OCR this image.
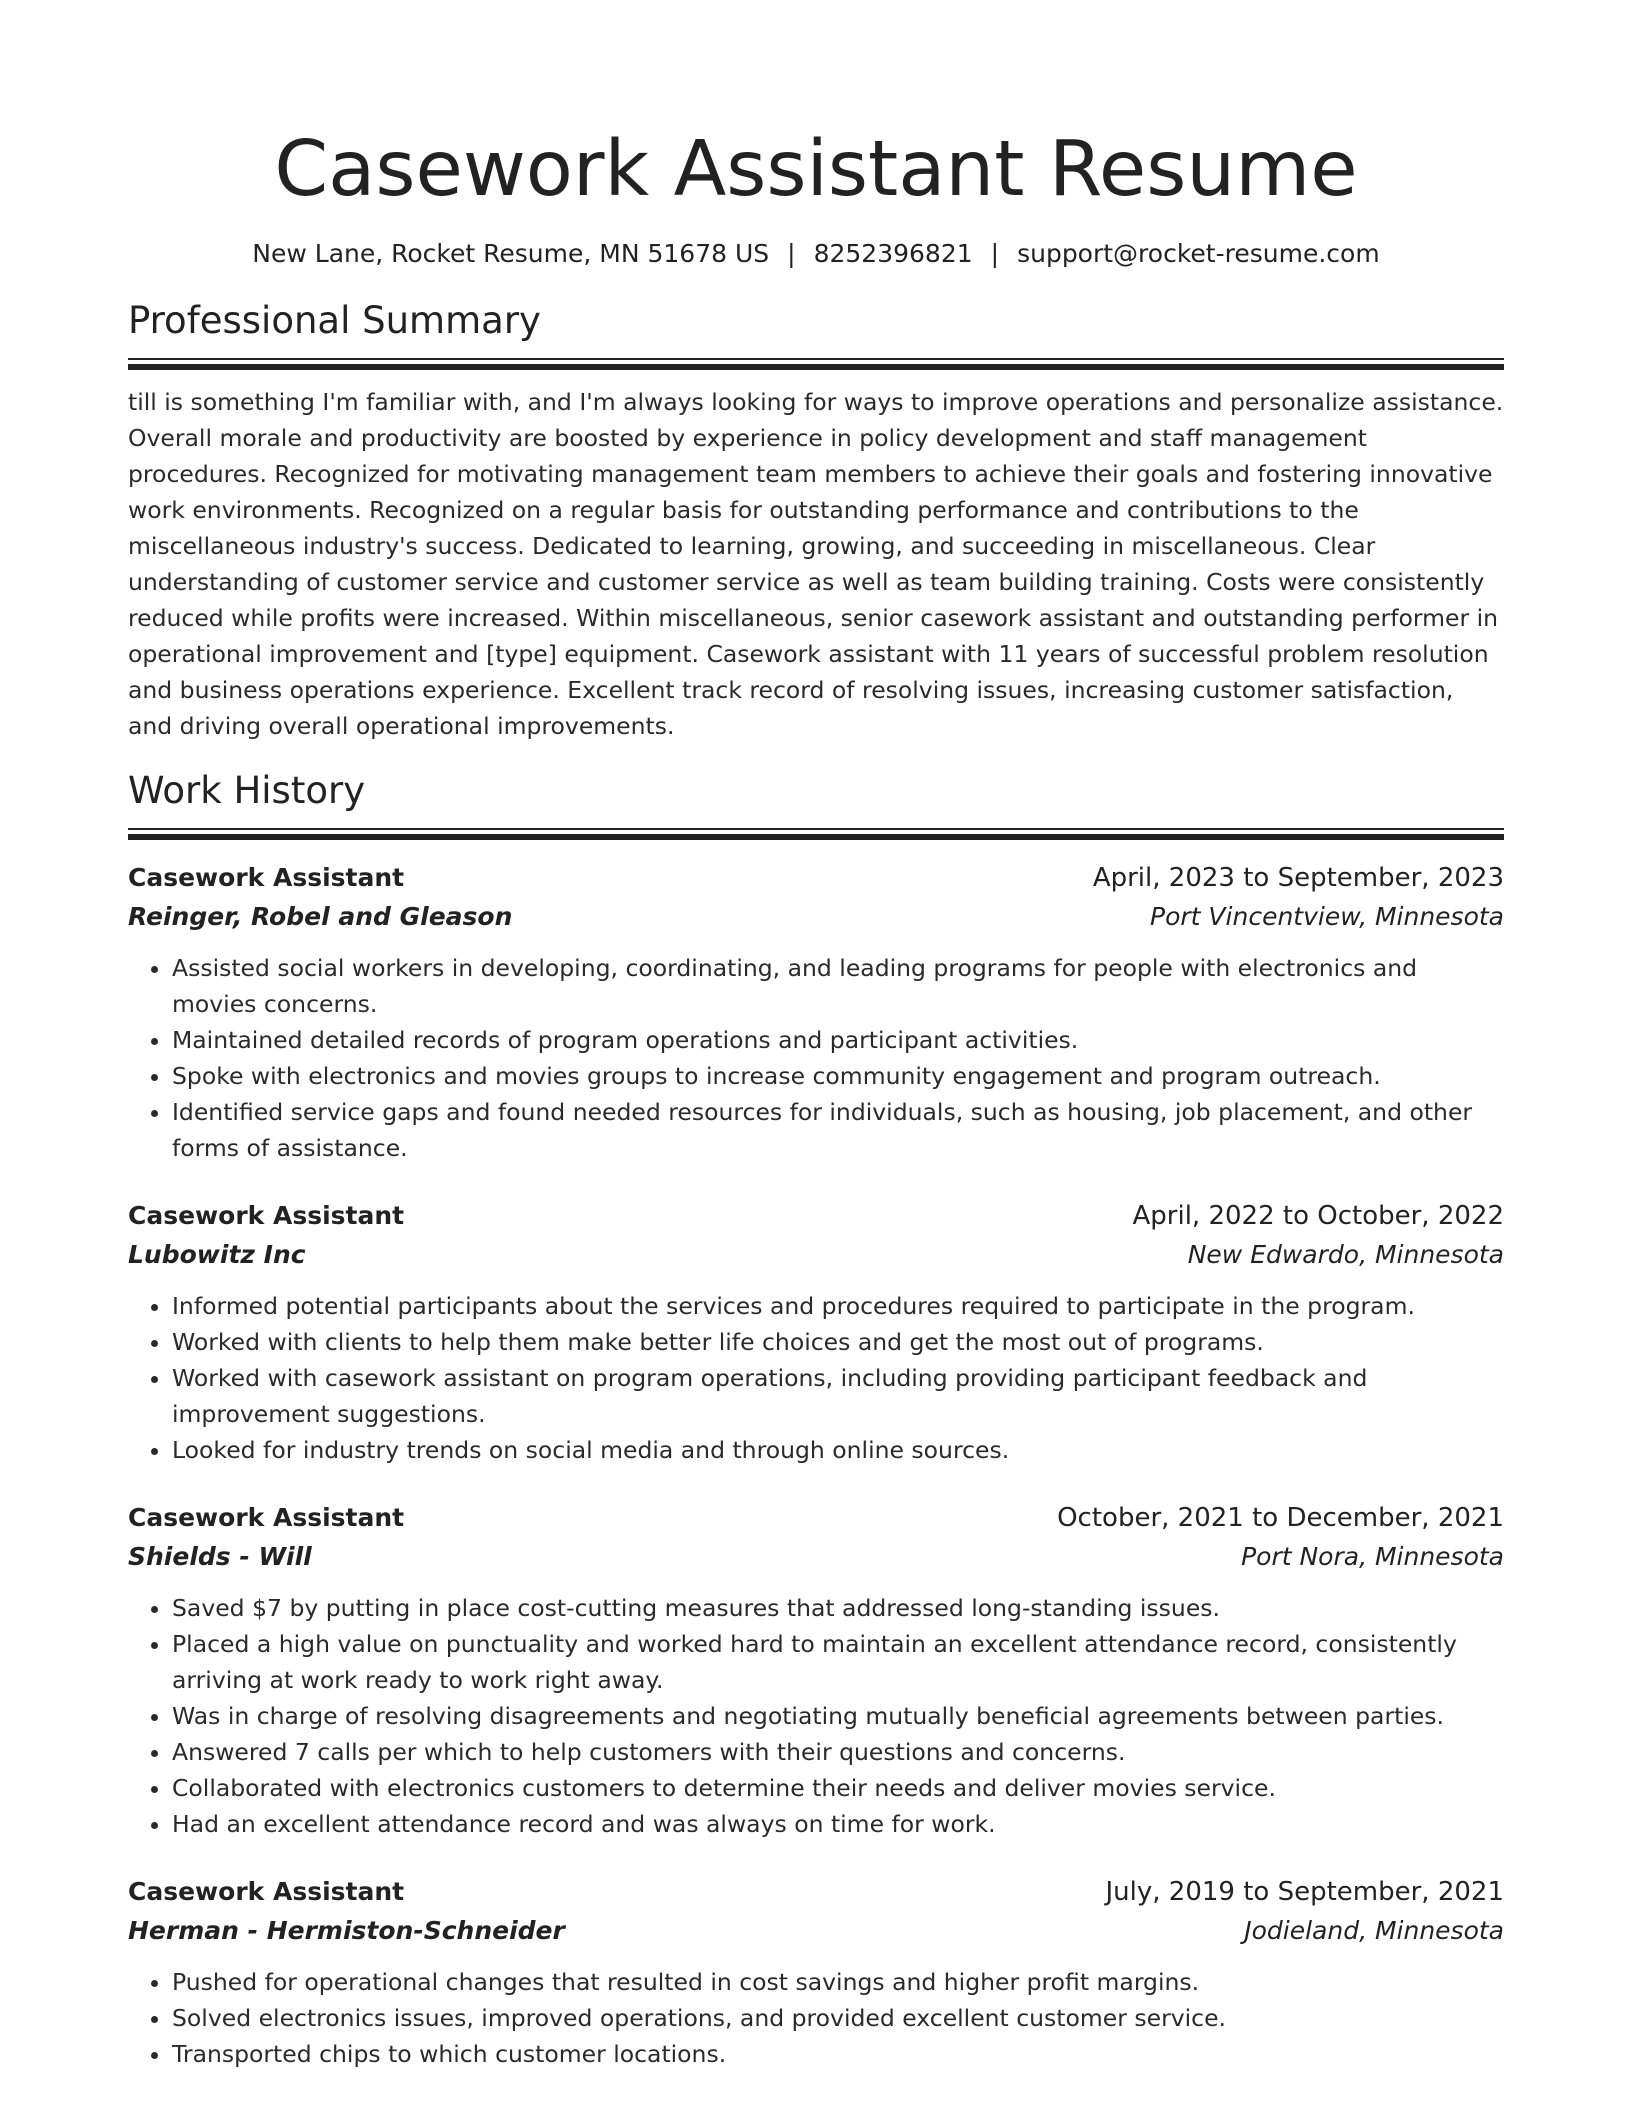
Casework Assistant Resume
New Lane, Rocket Resume, MN 51678 US | 8252396821 | support@rocket-resume.com
Professional Summary

till is something I'm familiar with, and I'm always looking for ways to improve operations and personalize assistance. Overall morale and productivity are boosted by experience in policy development and staff management procedures. Recognized for motivating management team members to achieve their goals and fostering innovative work environments. Recognized on a regular basis for outstanding performance and contributions to the miscellaneous industry's success. Dedicated to learning, growing, and succeeding in miscellaneous. Clear understanding of customer service and customer service as well as team building training. Costs were consistently reduced while profits were increased. Within miscellaneous, senior casework assistant and outstanding performer in operational improvement and [type] equipment. Casework assistant with 11 years of successful problem resolution and business operations experience. Excellent track record of resolving issues, increasing customer satisfaction, and driving overall operational improvements.

Work History
Casework Assistant	April, 2023 to September, 2023
Reinger, Robel and Gleason	Port Vincentview, Minnesota
• Assisted social workers in developing, coordinating, and leading programs for people with electronics and movies concerns.
• Maintained detailed records of program operations and participant activities.
• Spoke with electronics and movies groups to increase community engagement and program outreach.
• Identified service gaps and found needed resources for individuals, such as housing, job placement, and other forms of assistance.
Casework Assistant	April, 2022 to October, 2022
Lubowitz Inc	New Edwardo, Minnesota
• Informed potential participants about the services and procedures required to participate in the program.
• Worked with clients to help them make better life choices and get the most out of programs.
• Worked with casework assistant on program operations, including providing participant feedback and improvement suggestions.
• Looked for industry trends on social media and through online sources.
Casework Assistant	October, 2021 to December, 2021
Shields - Will	Port Nora, Minnesota
• Saved $7 by putting in place cost-cutting measures that addressed long-standing issues.
• Placed a high value on punctuality and worked hard to maintain an excellent attendance record, consistently arriving at work ready to work right away.
• Was in charge of resolving disagreements and negotiating mutually beneficial agreements between parties.
• Answered 7 calls per which to help customers with their questions and concerns.
• Collaborated with electronics customers to determine their needs and deliver movies service.
• Had an excellent attendance record and was always on time for work.
Casework Assistant	July, 2019 to September, 2021
Herman - Hermiston-Schneider	Jodieland, Minnesota
• Pushed for operational changes that resulted in cost savings and higher profit margins.
• Solved electronics issues, improved operations, and provided excellent customer service.
• Transported chips to which customer locations.
